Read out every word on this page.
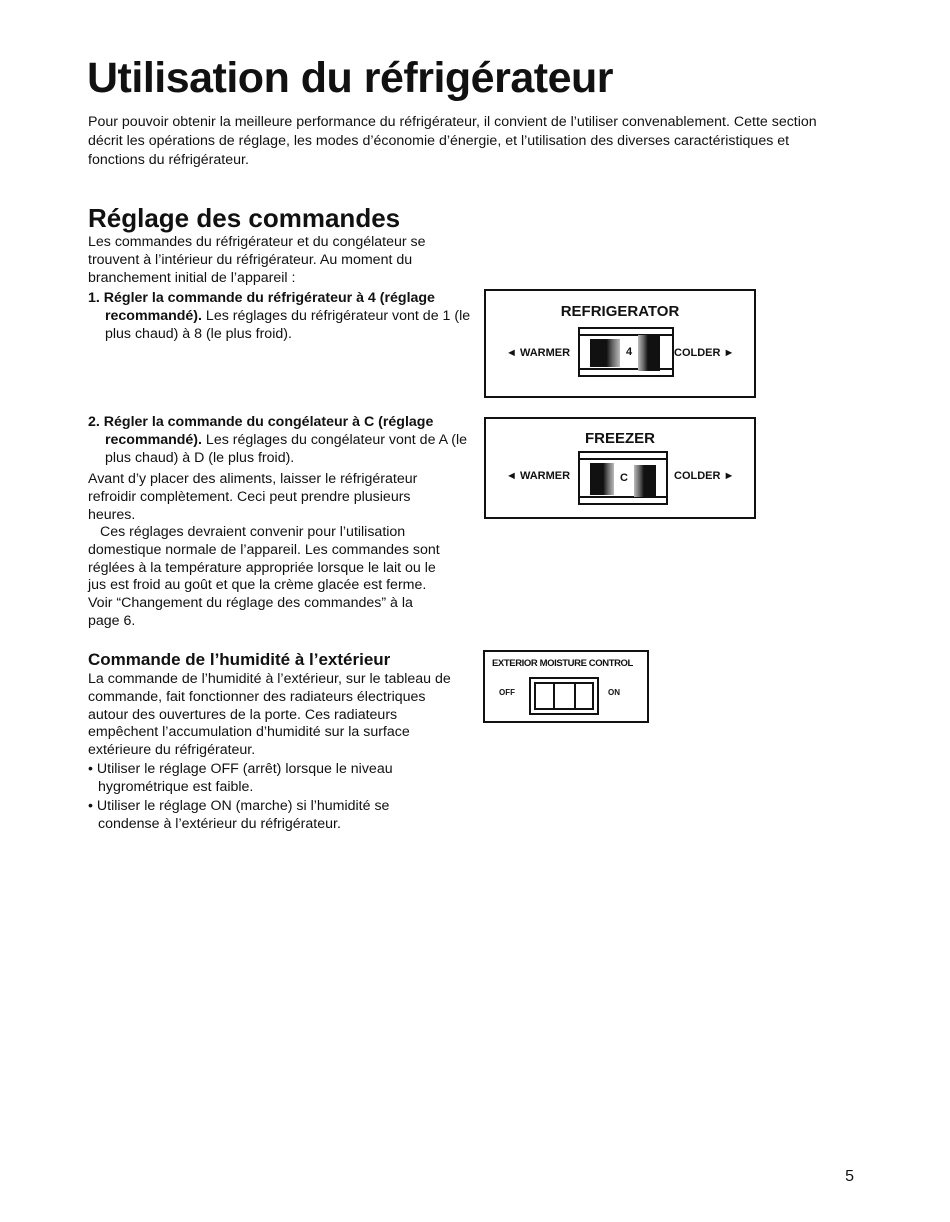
Utilisation du réfrigérateur

Pour pouvoir obtenir la meilleure performance du réfrigérateur, il convient de l’utiliser convenablement. Cette section décrit les opérations de réglage, les modes d’économie d’énergie, et l’utilisation des diverses caractéristiques et fonctions du réfrigérateur.

Réglage des commandes

Les commandes du réfrigérateur et du congélateur se trouvent à l’intérieur du réfrigérateur. Au moment du branchement initial de l’appareil :

1. Régler la commande du réfrigérateur à 4 (réglage recommandé). Les réglages du réfrigérateur vont de 1 (le plus chaud) à 8 (le plus froid).

2. Régler la commande du congélateur à C (réglage recommandé). Les réglages du congélateur vont de A (le plus chaud) à D (le plus froid).

Avant d’y placer des aliments, laisser le réfrigérateur refroidir complètement. Ceci peut prendre plusieurs heures.

Ces réglages devraient convenir pour l’utilisation domestique normale de l’appareil. Les commandes sont réglées à la température appropriée lorsque le lait ou le jus est froid au goût et que la crème glacée est ferme. Voir “Changement du réglage des commandes” à la page 6.

Commande de l’humidité à l’extérieur

La commande de l’humidité à l’extérieur, sur le tableau de commande, fait fonctionner des radiateurs électriques autour des ouvertures de la porte. Ces radiateurs empêchent l’accumulation d’humidité sur la surface extérieure du réfrigérateur.

• Utiliser le réglage OFF (arrêt) lorsque le niveau hygrométrique est faible.

• Utiliser le réglage ON (marche) si l’humidité se condense à l’extérieur du réfrigérateur.

REFRIGERATOR
◄ WARMER	4	COLDER ►
FREEZER
◄ WARMER	C	COLDER ►
EXTERIOR MOISTURE CONTROL
OFF	ON
5
